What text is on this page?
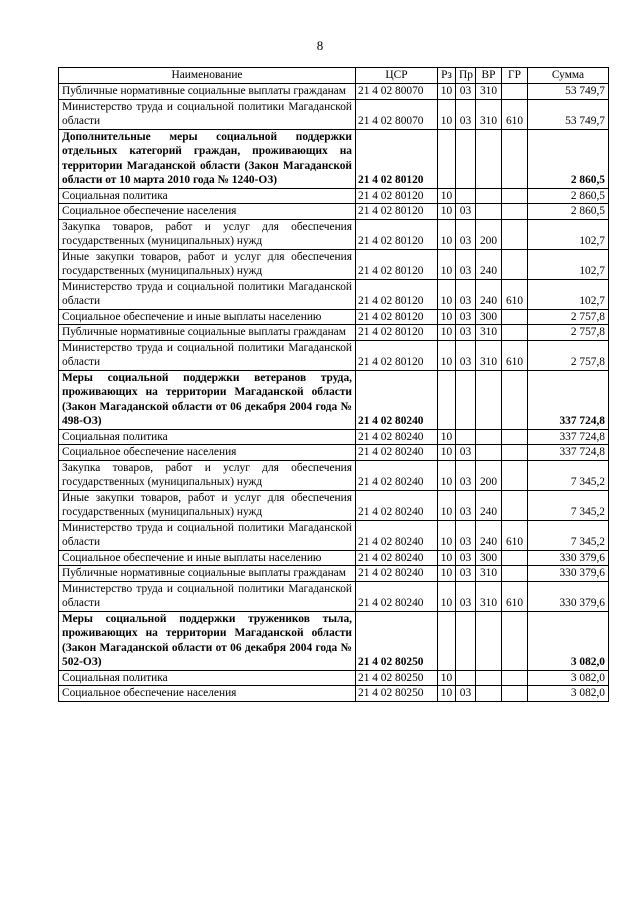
8
Наименование	ЦСР	Рз	Пр	ВР	ГР	Сумма
Публичные нормативные социальные выплаты гражданам	21 4 02 80070	10	03	310		53 749,7
Министерство труда и социальной политики Магаданской области	21 4 02 80070	10	03	310	610	53 749,7
Дополнительные меры социальной поддержки отдельных категорий граждан, проживающих на территории Магаданской области (Закон Магаданской области от 10 марта 2010 года № 1240-ОЗ)	21 4 02 80120					2 860,5
Социальная политика	21 4 02 80120	10				2 860,5
Социальное обеспечение населения	21 4 02 80120	10	03			2 860,5
Закупка товаров, работ и услуг для обеспечения государственных (муниципальных) нужд	21 4 02 80120	10	03	200		102,7
Иные закупки товаров, работ и услуг для обеспечения государственных (муниципальных) нужд	21 4 02 80120	10	03	240		102,7
Министерство труда и социальной политики Магаданской области	21 4 02 80120	10	03	240	610	102,7
Социальное обеспечение и иные выплаты населению	21 4 02 80120	10	03	300		2 757,8
Публичные нормативные социальные выплаты гражданам	21 4 02 80120	10	03	310		2 757,8
Министерство труда и социальной политики Магаданской области	21 4 02 80120	10	03	310	610	2 757,8
Меры социальной поддержки ветеранов труда, проживающих на территории Магаданской области (Закон Магаданской области от 06 декабря 2004 года № 498-ОЗ)	21 4 02 80240					337 724,8
Социальная политика	21 4 02 80240	10				337 724,8
Социальное обеспечение населения	21 4 02 80240	10	03			337 724,8
Закупка товаров, работ и услуг для обеспечения государственных (муниципальных) нужд	21 4 02 80240	10	03	200		7 345,2
Иные закупки товаров, работ и услуг для обеспечения государственных (муниципальных) нужд	21 4 02 80240	10	03	240		7 345,2
Министерство труда и социальной политики Магаданской области	21 4 02 80240	10	03	240	610	7 345,2
Социальное обеспечение и иные выплаты населению	21 4 02 80240	10	03	300		330 379,6
Публичные нормативные социальные выплаты гражданам	21 4 02 80240	10	03	310		330 379,6
Министерство труда и социальной политики Магаданской области	21 4 02 80240	10	03	310	610	330 379,6
Меры социальной поддержки тружеников тыла, проживающих на территории Магаданской области (Закон Магаданской области от 06 декабря 2004 года № 502-ОЗ)	21 4 02 80250					3 082,0
Социальная политика	21 4 02 80250	10				3 082,0
Социальное обеспечение населения	21 4 02 80250	10	03			3 082,0
